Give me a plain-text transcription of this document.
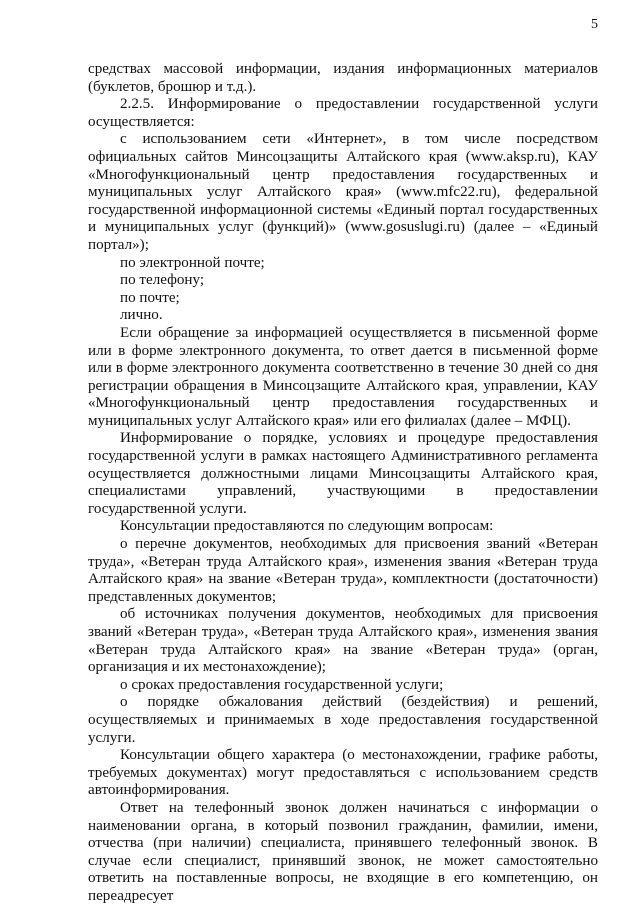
5

средствах массовой информации, издания информационных материалов (буклетов, брошюр и т.д.).

2.2.5. Информирование о предоставлении государственной услуги осуществляется:

с использованием сети «Интернет», в том числе посредством официальных сайтов Минсоцзащиты Алтайского края (www.aksp.ru), КАУ «Многофункциональный центр предоставления государственных и муниципальных услуг Алтайского края» (www.mfc22.ru), федеральной государственной информационной системы «Единый портал государственных и муниципальных услуг (функций)» (www.gosuslugi.ru) (далее – «Единый портал»);

по электронной почте;

по телефону;

по почте;

лично.

Если обращение за информацией осуществляется в письменной форме или в форме электронного документа, то ответ дается в письменной форме или в форме электронного документа соответственно в течение 30 дней со дня регистрации обращения в Минсоцзащите Алтайского края, управлении, КАУ «Многофункциональный центр предоставления государственных и муниципальных услуг Алтайского края» или его филиалах (далее – МФЦ).

Информирование о порядке, условиях и процедуре предоставления государственной услуги в рамках настоящего Административного регламента осуществляется должностными лицами Минсоцзащиты Алтайского края, специалистами управлений, участвующими в предоставлении государственной услуги.

Консультации предоставляются по следующим вопросам:

о перечне документов, необходимых для присвоения званий «Ветеран труда», «Ветеран труда Алтайского края», изменения звания «Ветеран труда Алтайского края» на звание «Ветеран труда», комплектности (достаточности) представленных документов;

об источниках получения документов, необходимых для присвоения званий «Ветеран труда», «Ветеран труда Алтайского края», изменения звания «Ветеран труда Алтайского края» на звание «Ветеран труда» (орган, организация и их местонахождение);

о сроках предоставления государственной услуги;

о порядке обжалования действий (бездействия) и решений, осуществляемых и принимаемых в ходе предоставления государственной услуги.

Консультации общего характера (о местонахождении, графике работы, требуемых документах) могут предоставляться с использованием средств автоинформирования.

Ответ на телефонный звонок должен начинаться с информации о наименовании органа, в который позвонил гражданин, фамилии, имени, отчества (при наличии) специалиста, принявшего телефонный звонок. В случае если специалист, принявший звонок, не может самостоятельно ответить на поставленные вопросы, не входящие в его компетенцию, он переадресует
